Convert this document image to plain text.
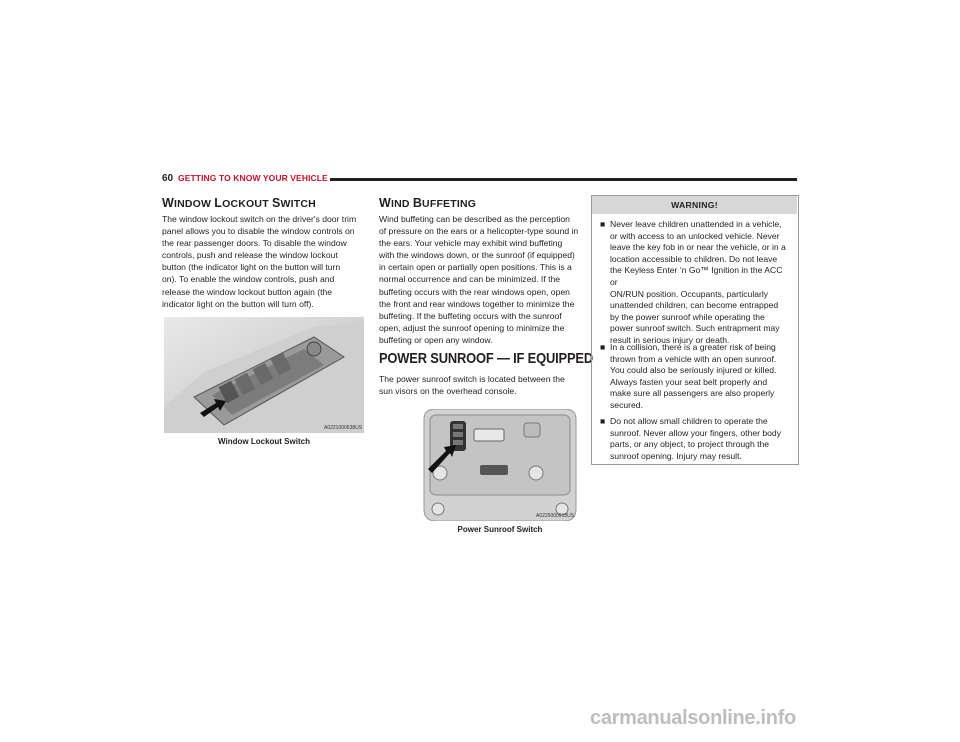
60 GETTING TO KNOW YOUR VEHICLE
WINDOW LOCKOUT SWITCH
The window lockout switch on the driver's door trim
panel allows you to disable the window controls on
the rear passenger doors. To disable the window
controls, push and release the window lockout
button (the indicator light on the button will turn
on). To enable the window controls, push and
release the window lockout button again (the
indicator light on the button will turn off).
A0221000638US
Window Lockout Switch
WIND BUFFETING
Wind buffeting can be described as the perception
of pressure on the ears or a helicopter-type sound in
the ears. Your vehicle may exhibit wind buffeting
with the windows down, or the sunroof (if equipped)
in certain open or partially open positions. This is a
normal occurrence and can be minimized. If the
buffeting occurs with the rear windows open, open
the front and rear windows together to minimize the
buffeting. If the buffeting occurs with the sunroof
open, adjust the sunroof opening to minimize the
buffeting or open any window.
POWER SUNROOF — IF EQUIPPED
The power sunroof switch is located between the
sun visors on the overhead console.
A0225000915US
Power Sunroof Switch
WARNING!
■ Never leave children unattended in a vehicle,
or with access to an unlocked vehicle. Never
leave the key fob in or near the vehicle, or in a
location accessible to children. Do not leave
the Keyless Enter ‘n Go™ Ignition in the ACC or
ON/RUN position. Occupants, particularly
unattended children, can become entrapped
by the power sunroof while operating the
power sunroof switch. Such entrapment may
result in serious injury or death.
■ In a collision, there is a greater risk of being
thrown from a vehicle with an open sunroof.
You could also be seriously injured or killed.
Always fasten your seat belt properly and
make sure all passengers are also properly
secured.
■ Do not allow small children to operate the
sunroof. Never allow your fingers, other body
parts, or any object, to project through the
sunroof opening. Injury may result.
carmanualsonline.info
